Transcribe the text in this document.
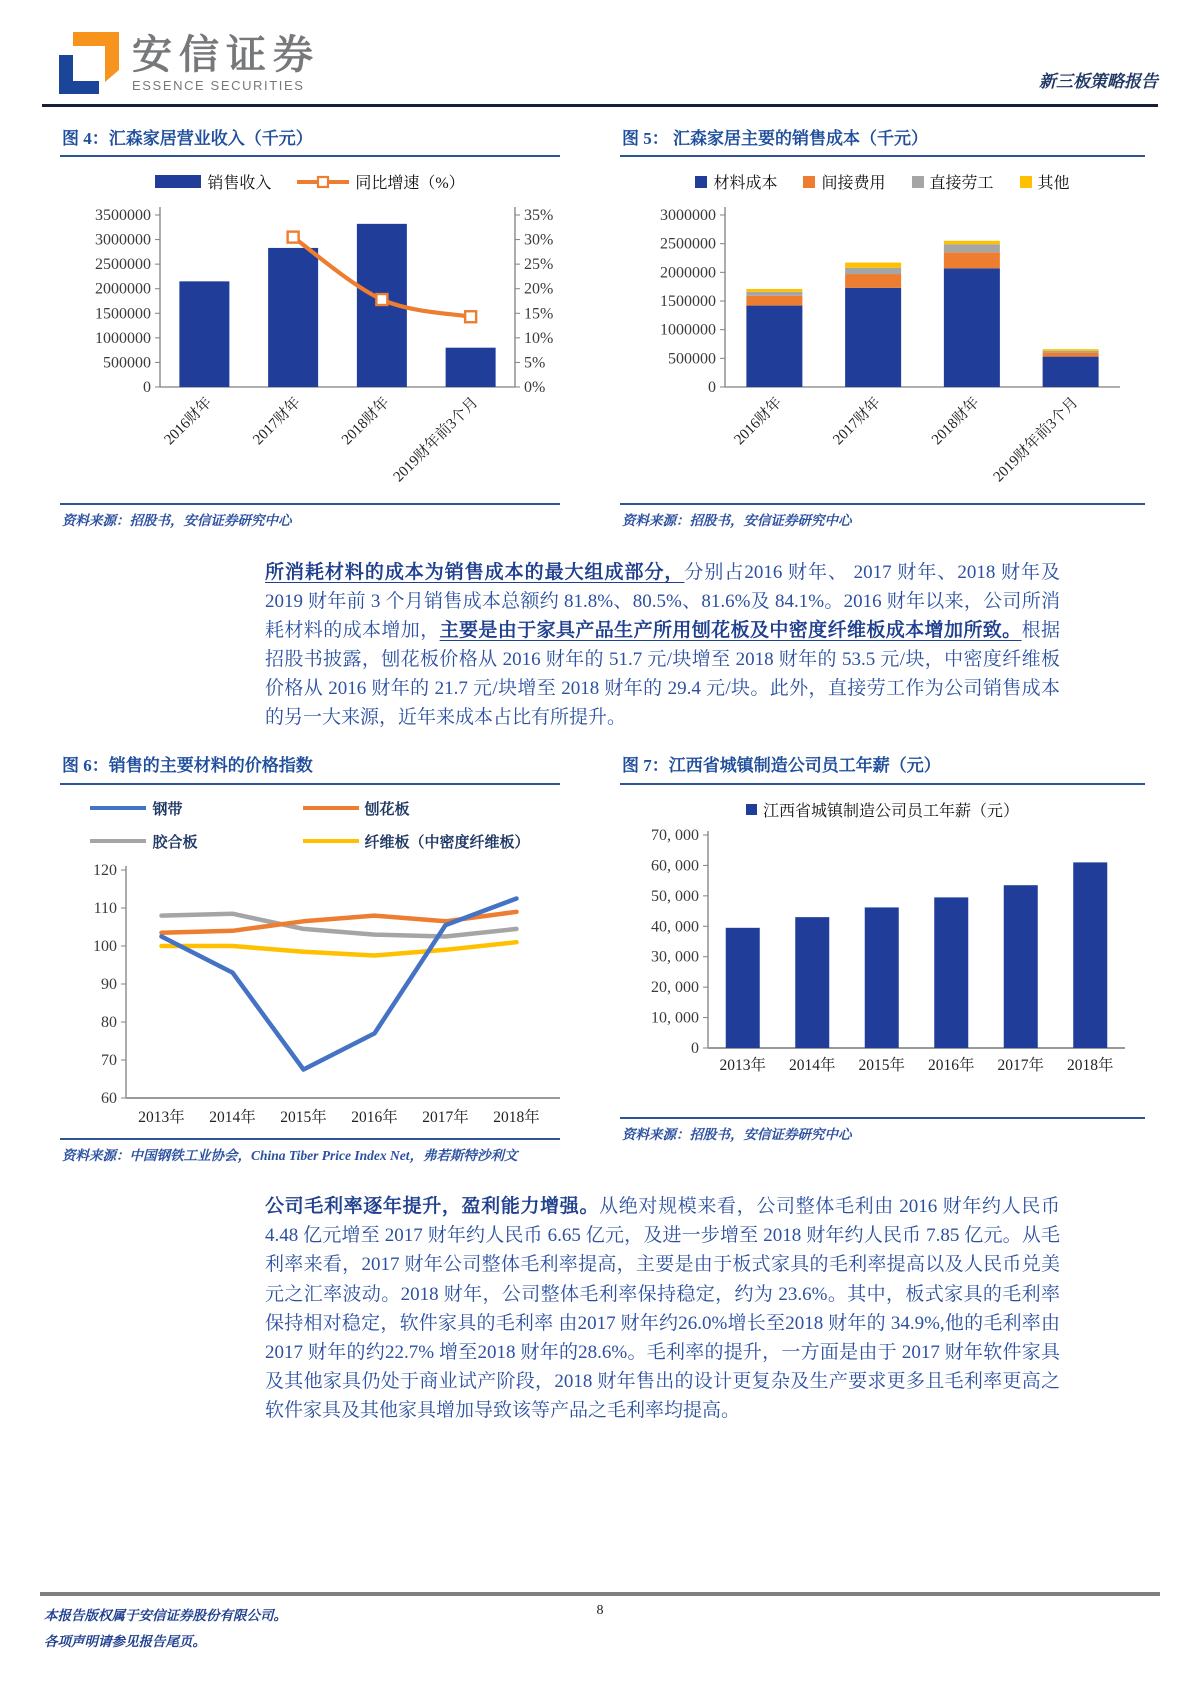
安信证券
ESSENCE SECURITIES	新三板策略报告
图 4：汇森家居营业收入（千元）
销售收入	同比增速（%）
0
500000
1000000
1500000
2000000
2500000
3000000
3500000
0%
5%
10%
15%
20%
25%
30%
35%
2016财年 2017财年 2018财年
2019财年前3个月
资料来源：招股书，安信证券研究中心
图 5： 汇森家居主要的销售成本（千元）
材料成本	间接费用	直接劳工	其他
0
500000
1000000
1500000
2000000
2500000
3000000
2016财年	2017财年	2018财年 2019财年前3个月
资料来源：招股书，安信证券研究中心

所消耗材料的成本为销售成本的最大组成部分，分别占2016 财年、 2017 财年、2018 财年及 2019 财年前 3 个月销售成本总额约 81.8%、80.5%、81.6%及 84.1%。2016 财年以来，公司所消耗材料的成本增加，主要是由于家具产品生产所用刨花板及中密度纤维板成本增加所致。根据招股书披露，刨花板价格从 2016 财年的 51.7 元/块增至 2018 财年的 53.5 元/块，中密度纤维板价格从 2016 财年的 21.7 元/块增至 2018 财年的 29.4 元/块。此外，直接劳工作为公司销售成本的另一大来源，近年来成本占比有所提升。

图 6：销售的主要材料的价格指数
钢带	刨花板
胶合板	纤维板（中密度纤维板）
60
70
80
90
100
110
120
2013年 2014年 2015年 2016年 2017年 2018年
资料来源：中国钢铁工业协会，China Tiber Price Index Net，弗若斯特沙利文
图 7：江西省城镇制造公司员工年薪（元）
江西省城镇制造公司员工年薪（元）
0
10, 000
20, 000
30, 000
40, 000
50, 000
60, 000
70, 000
2013年 2014年 2015年 2016年 2017年 2018年
资料来源：招股书，安信证券研究中心

公司毛利率逐年提升，盈利能力增强。从绝对规模来看，公司整体毛利由 2016 财年约人民币 4.48 亿元增至 2017 财年约人民币 6.65 亿元，及进一步增至 2018 财年约人民币 7.85 亿元。从毛利率来看，2017 财年公司整体毛利率提高，主要是由于板式家具的毛利率提高以及人民币兑美元之汇率波动。2018 财年，公司整体毛利率保持稳定，约为 23.6%。其中，板式家具的毛利率保持相对稳定，软件家具的毛利率 由2017 财年约26.0%增长至2018 财年的 34.9%,他的毛利率由2017 财年的约22.7% 增至2018 财年的28.6%。毛利率的提升，一方面是由于 2017 财年软件家具及其他家具仍处于商业试产阶段，2018 财年售出的设计更复杂及生产要求更多且毛利率更高之软件家具及其他家具增加导致该等产品之毛利率均提高。

本报告版权属于安信证券股份有限公司。
各项声明请参见报告尾页。
8
